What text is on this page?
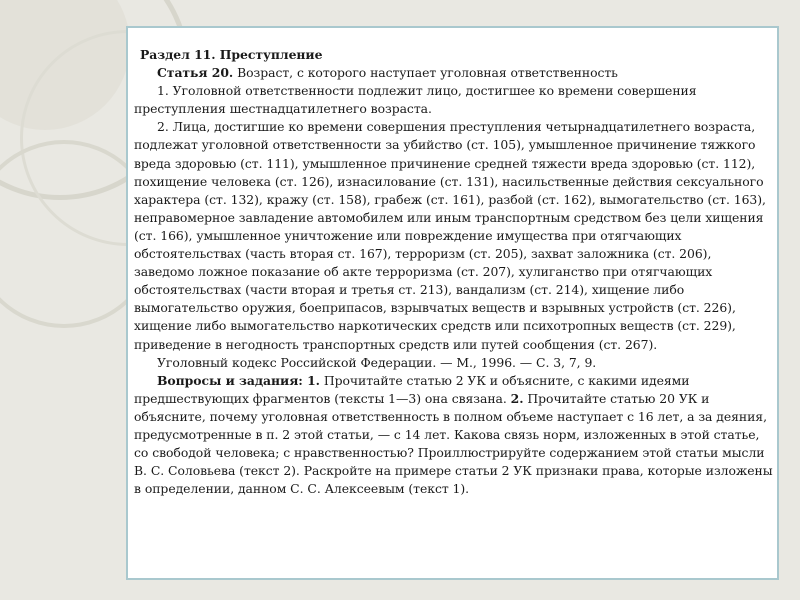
Раздел 11. Преступление

Статья 20. Возраст, с которого наступает уголовная ответственность

1. Уголовной ответственности подлежит лицо, достигшее ко времени совершения преступления шестнадцатилетнего возраста.

2. Лица, достигшие ко времени совершения преступления четырнадцатилетнего возраста, подлежат уголовной ответственности за убийство (ст. 105), умышленное причинение тяжкого вреда здоровью (ст. 111), умышленное причинение средней тяжести вреда здоровью (ст. 112), похищение человека (ст. 126), изнасилование (ст. 131), насильственные действия сексуального характера (ст. 132), кражу (ст. 158), грабеж (ст. 161), разбой (ст. 162), вымогательство (ст. 163), неправомерное завладение автомобилем или иным транспортным средством без цели хищения (ст. 166), умышленное уничтожение или повреждение имущества при отягчающих обстоятельствах (часть вторая ст. 167), терроризм (ст. 205), захват заложника (ст. 206), заведомо ложное показание об акте терроризма (ст. 207), хулиганство при отягчающих обстоятельствах (части вторая и третья ст. 213), вандализм (ст. 214), хищение либо вымогательство оружия, боеприпасов, взрывчатых веществ и взрывных устройств (ст. 226), хищение либо вымогательство наркотических средств или психотропных веществ (ст. 229), приведение в негодность транспортных средств или путей сообщения (ст. 267).

Уголовный кодекс Российской Федерации. — М., 1996. — С. 3, 7, 9.

Вопросы и задания: 1. Прочитайте статью 2 УК и объясните, с какими идеями предшествующих фрагментов (тексты 1—3) она связана. 2. Прочитайте статью 20 УК и объясните, почему уголовная ответственность в полном объеме наступает с 16 лет, а за деяния, предусмотренные в п. 2 этой статьи, — с 14 лет. Какова связь норм, изложенных в этой статье, со свободой человека; с нравственностью? Проиллюстрируйте содержанием этой статьи мысли В. С. Соловьева (текст 2). Раскройте на примере статьи 2 УК признаки права, которые изложены в определении, данном С. С. Алексеевым (текст 1).
